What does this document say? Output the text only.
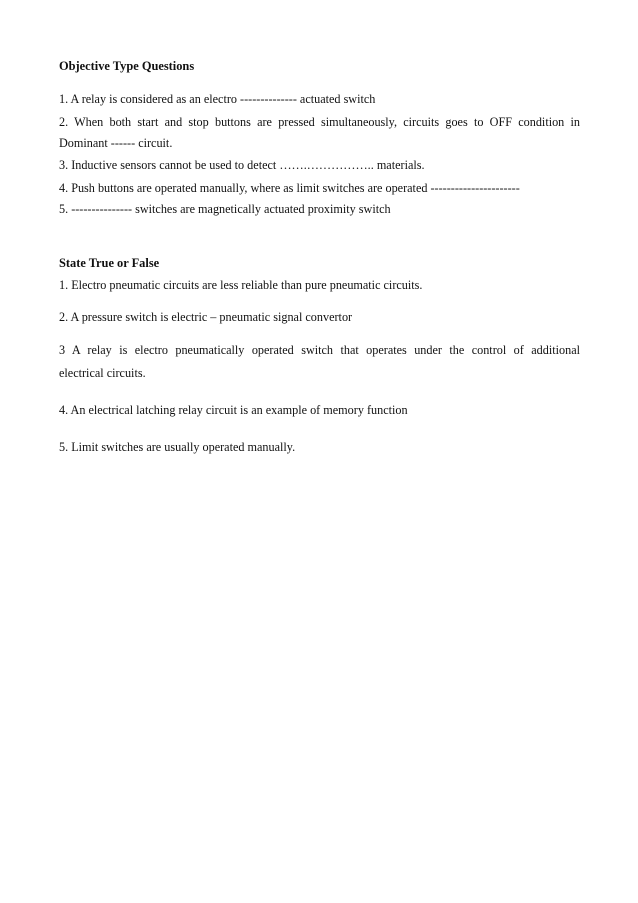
Objective Type Questions
1. A relay is considered as an electro -------------- actuated switch
2. When both start and stop buttons are pressed simultaneously, circuits goes to OFF condition in
Dominant ------ circuit.
3. Inductive sensors cannot be used to detect …….…………….. materials.
4. Push buttons are operated manually, where as limit switches are operated ----------------------
5. --------------- switches are magnetically actuated proximity switch
State True or False
1. Electro pneumatic circuits are less reliable than pure pneumatic circuits.
2. A pressure switch is electric – pneumatic signal convertor
3 A relay is electro pneumatically operated switch that operates under the control of additional
electrical circuits.
4. An electrical latching relay circuit is an example of memory function
5. Limit switches are usually operated manually.
